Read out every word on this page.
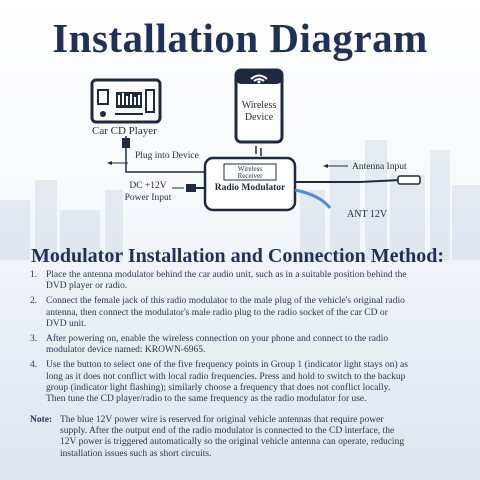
Installation Diagram
Car CD Player
Wireless
Device
Wireless
Receiver
Radio Modulator
Plug into Device
DC +12V
Power Input
Antenna Input
ANT 12V
Modulator Installation and Connection Method:
1. Place the antenna modulator behind the car audio unit, such as in a suitable position behind the DVD player or radio.
2. Connect the female jack of this radio modulator to the male plug of the vehicle's original radio antenna, then connect the modulator's male radio plug to the radio socket of the car CD or DVD unit.
3. After powering on, enable the wireless connection on your phone and connect to the radio modulator device named: KROWN-6965.
4. Use the button to select one of the five frequency points in Group 1 (indicator light stays on) as long as it does not conflict with local radio frequencies. Press and hold to switch to the backup group (indicator light flashing); similarly choose a frequency that does not conflict locally. Then tune the CD player/radio to the same frequency as the radio modulator for use.
Note: The blue 12V power wire is reserved for original vehicle antennas that require power supply. After the output end of the radio modulator is connected to the CD interface, the 12V power is triggered automatically so the original vehicle antenna can operate, reducing installation issues such as short circuits.
